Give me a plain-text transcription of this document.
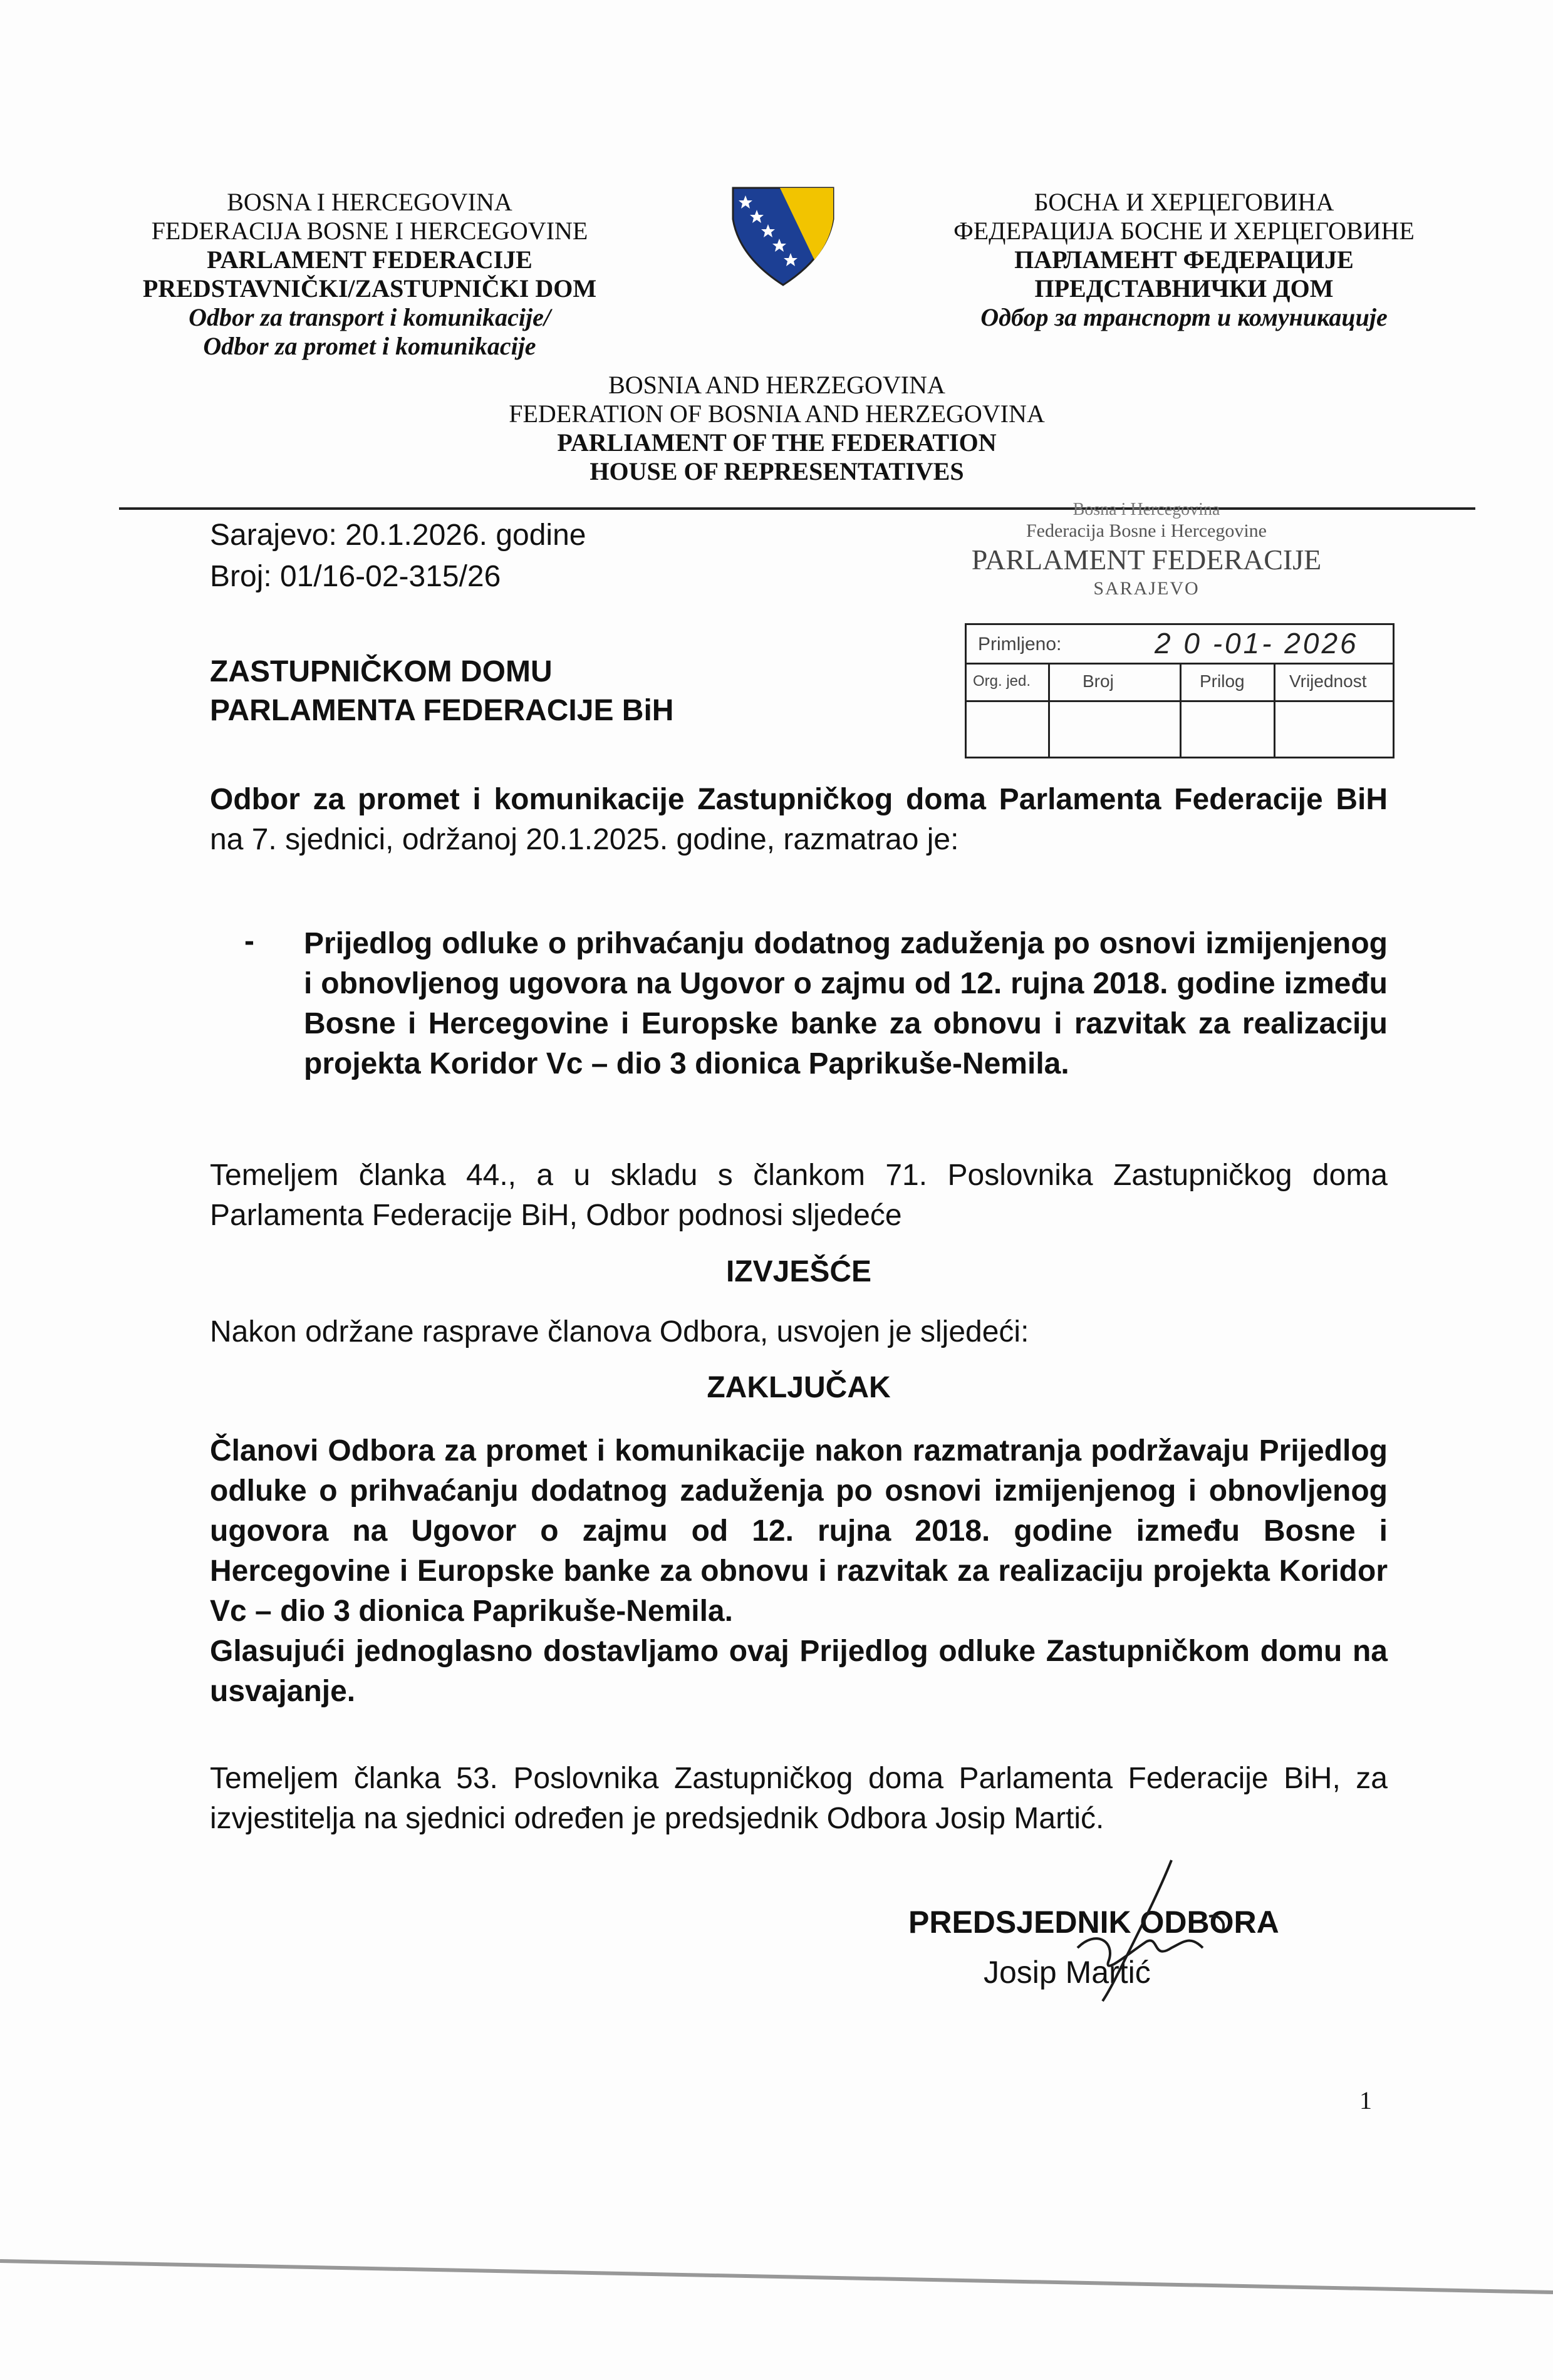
BOSNA I HERCEGOVINA
FEDERACIJA BOSNE I HERCEGOVINE
PARLAMENT FEDERACIJE
PREDSTAVNIČKI/ZASTUPNIČKI DOM
Odbor za transport i komunikacije/
Odbor za promet i komunikacije
БОСНА И ХЕРЦЕГОВИНА
ФЕДЕРАЦИЈА БОСНЕ И ХЕРЦЕГОВИНЕ
ПАРЛАМЕНТ ФЕДЕРАЦИЈЕ
ПРЕДСТАВНИЧКИ ДОМ
Одбор за транспорт и комуникације
BOSNIA AND HERZEGOVINA
FEDERATION OF BOSNIA AND HERZEGOVINA
PARLIAMENT OF THE FEDERATION
HOUSE OF REPRESENTATIVES
Sarajevo: 20.1.2026. godine
Broj: 01/16-02-315/26
ZASTUPNIČKOM DOMU
PARLAMENTA FEDERACIJE BiH
Bosna i Hercegovina
Federacija Bosne i Hercegovine
PARLAMENT FEDERACIJE
SARAJEVO
Primljeno:	2 0 -01- 2026
Org. jed.	Broj	Prilog	Vrijednost
Odbor za promet i komunikacije Zastupničkog doma Parlamenta Federacije BiH na 7. sjednici, održanoj 20.1.2025. godine, razmatrao je:
- Prijedlog odluke o prihvaćanju dodatnog zaduženja po osnovi izmijenjenog i obnovljenog ugovora na Ugovor o zajmu od 12. rujna 2018. godine između Bosne i Hercegovine i Europske banke za obnovu i razvitak za realizaciju projekta Koridor Vc – dio 3 dionica Paprikuše-Nemila.
Temeljem članka 44., a u skladu s člankom 71. Poslovnika Zastupničkog doma Parlamenta Federacije BiH, Odbor podnosi sljedeće
IZVJEŠĆE
Nakon održane rasprave članova Odbora, usvojen je sljedeći:
ZAKLJUČAK
Članovi Odbora za promet i komunikacije nakon razmatranja podržavaju Prijedlog odluke o prihvaćanju dodatnog zaduženja po osnovi izmijenjenog i obnovljenog ugovora na Ugovor o zajmu od 12. rujna 2018. godine između Bosne i Hercegovine i Europske banke za obnovu i razvitak za realizaciju projekta Koridor Vc – dio 3 dionica Paprikuše-Nemila.
Glasujući jednoglasno dostavljamo ovaj Prijedlog odluke Zastupničkom domu na usvajanje.
Temeljem članka 53. Poslovnika Zastupničkog doma Parlamenta Federacije BiH, za izvjestitelja na sjednici određen je predsjednik Odbora Josip Martić.
PREDSJEDNIK ODBORA
Josip Martić
1
